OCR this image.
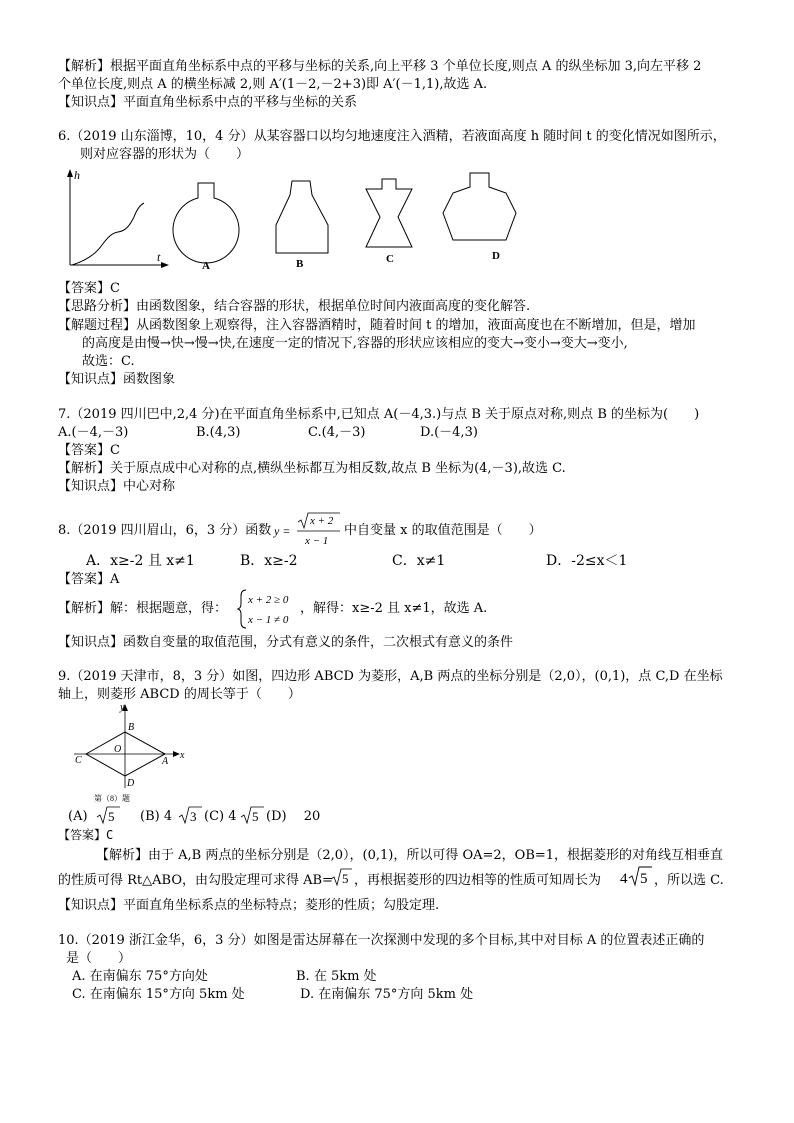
【解析】根据平面直角坐标系中点的平移与坐标的关系,向上平移 3 个单位长度,则点 A 的纵坐标加 3,向左平移 2
个单位长度,则点 A 的横坐标减 2,则 A′(1－2,－2+3)即 A′(－1,1),故选 A.
【知识点】平面直角坐标系中点的平移与坐标的关系
6.（2019 山东淄博，10，4 分）从某容器口以均匀地速度注入酒精，若液面高度 h 随时间 t 的变化情况如图所示，
则对应容器的形状为（　　）
h
t
A	B	C	D
【答案】C
【思路分析】由函数图象，结合容器的形状，根据单位时间内液面高度的变化解答.
【解题过程】从函数图象上观察得，注入容器酒精时，随着时间 t 的增加，液面高度也在不断增加，但是，增加
的高度是由慢→快→慢→快,在速度一定的情况下,容器的形状应该相应的变大→变小→变大→变小,
故选：C.
【知识点】函数图象
7.（2019 四川巴中,2,4 分)在平面直角坐标系中,已知点 A(－4,3.)与点 B 关于原点对称,则点 B 的坐标为(　　)
A.(－4,－3)	B.(4,3)	C.(4,－3)	D.(－4,3)
【答案】C
【解析】关于原点成中心对称的点,横纵坐标都互为相反数,故点 B 坐标为(4,－3),故选 C.
【知识点】中心对称
8.（2019 四川眉山，6，3 分）函数 y =
x + 2
x − 1
中自变量 x 的取值范围是（　　）
A．x≥-2 且 x≠1	B．x≥-2	C．x≠1	D．-2≤x＜1
【答案】A
【解析】解：根据题意，得：
x + 2 ≥ 0
x − 1 ≠ 0
，解得：x≥-2 且 x≠1，故选 A.
【知识点】函数自变量的取值范围，分式有意义的条件，二次根式有意义的条件
9.（2019 天津市，8，3 分）如图，四边形 ABCD 为菱形，A,B 两点的坐标分别是（2,0），(0,1)，点 C,D 在坐标
轴上，则菱形 ABCD 的周长等于（　　）
y
x
B
C
O
A
D
第（8）题
(A) 5 (B) 4 3 (C) 4 5 (D)　 20
【答案】C
【解析】由于 A,B 两点的坐标分别是（2,0），(0,1)，所以可得 OA=2，OB=1，根据菱形的对角线互相垂直
的性质可得 Rt△ABO，由勾股定理可求得 AB= 5 ，再根据菱形的四边相等的性质可知周长为 4 5 ，所以选 C.
【知识点】平面直角坐标系点的坐标特点；菱形的性质；勾股定理.
10.（2019 浙江金华，6，3 分）如图是雷达屏幕在一次探测中发现的多个目标,其中对目标 A 的位置表述正确的
是（　　）
A. 在南偏东 75°方向处	B. 在 5km 处
C. 在南偏东 15°方向 5km 处	D. 在南偏东 75°方向 5km 处
